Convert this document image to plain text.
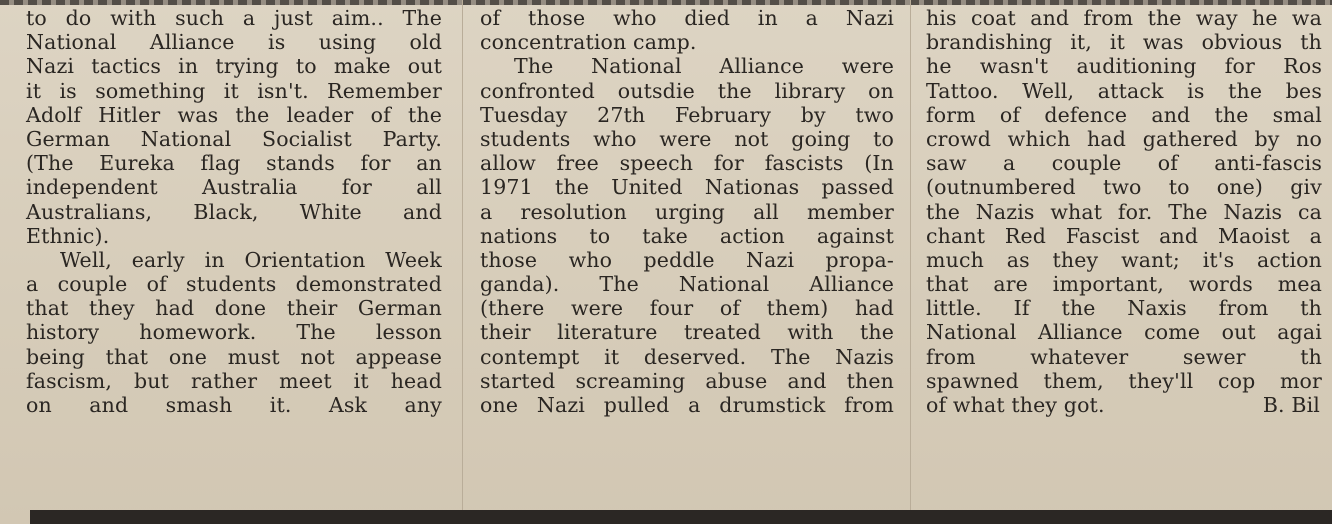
to do with such a just aim.. The
National Alliance is using old
Nazi tactics in trying to make out
it is something it isn't. Remember
Adolf Hitler was the leader of the
German National Socialist Party.
(The Eureka flag stands for an
independent Australia for all
Australians, Black, White and
Ethnic).
Well, early in Orientation Week
a couple of students demonstrated
that they had done their German
history homework. The lesson
being that one must not appease
fascism, but rather meet it head
on and smash it. Ask any
of those who died in a Nazi
concentration camp.
The National Alliance were
confronted outsdie the library on
Tuesday 27th February by two
students who were not going to
allow free speech for fascists (In
1971 the United Nationas passed
a resolution urging all member
nations to take action against
those who peddle Nazi propa-
ganda). The National Alliance
(there were four of them) had
their literature treated with the
contempt it deserved. The Nazis
started screaming abuse and then
one Nazi pulled a drumstick from
his coat and from the way he wa
brandishing it, it was obvious th
he wasn't auditioning for Ros
Tattoo. Well, attack is the bes
form of defence and the smal
crowd which had gathered by no
saw a couple of anti-fascis
(outnumbered two to one) giv
the Nazis what for. The Nazis ca
chant Red Fascist and Maoist a
much as they want; it's action
that are important, words mea
little. If the Naxis from th
National Alliance come out agai
from whatever sewer th
spawned them, they'll cop mor
of what they got.	B. Bil
